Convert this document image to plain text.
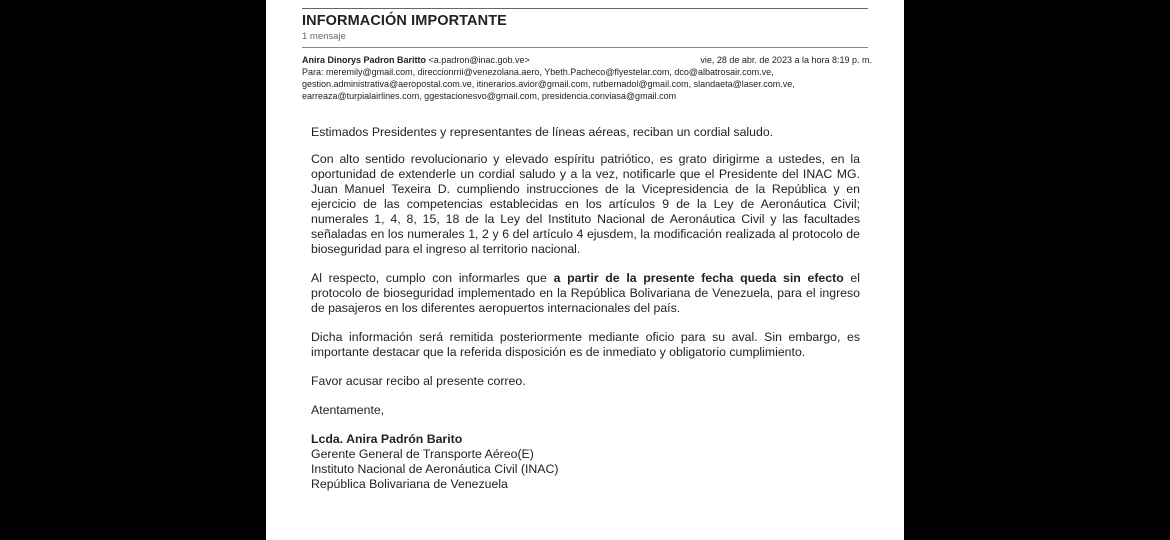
INFORMACIÓN IMPORTANTE
1 mensaje
Anira Dinorys Padron Baritto <a.padron@inac.gob.ve>	vie, 28 de abr. de 2023 a la hora 8:19 p. m.
Para: meremily@gmail.com, direccionrrii@venezolana.aero, Ybeth.Pacheco@flyestelar.com, dco@albatrosair.com.ve,
gestion.administrativa@aeropostal.com.ve, itinerarios.avior@gmail.com, rutbernadol@gmail.com, slandaeta@laser.com.ve,
earreaza@turpialairlines.com, ggestacionesvo@gmail.com, presidencia.conviasa@gmail.com

Estimados Presidentes y representantes de líneas aéreas, reciban un cordial saludo.

Con alto sentido revolucionario y elevado espíritu patriótico, es grato dirigirme a ustedes, en la oportunidad de extenderle un cordial saludo y a la vez, notificarle que el Presidente del INAC MG. Juan Manuel Texeira D. cumpliendo instrucciones de la Vicepresidencia de la República y en ejercicio de las competencias establecidas en los artículos 9 de la Ley de Aeronáutica Civil; numerales 1, 4, 8, 15, 18 de la Ley del Instituto Nacional de Aeronáutica Civil y las facultades señaladas en los numerales 1, 2 y 6 del artículo 4 ejusdem, la modificación realizada al protocolo de bioseguridad para el ingreso al territorio nacional.

Al respecto, cumplo con informarles que a partir de la presente fecha queda sin efecto el protocolo de bioseguridad implementado en la República Bolivariana de Venezuela, para el ingreso de pasajeros en los diferentes aeropuertos internacionales del país.

Dicha información será remitida posteriormente mediante oficio para su aval. Sin embargo, es importante destacar que la referida disposición es de inmediato y obligatorio cumplimiento.

Favor acusar recibo al presente correo.

Atentamente,

Lcda. Anira Padrón Barito
Gerente General de Transporte Aéreo(E)
Instituto Nacional de Aeronáutica Civil (INAC)
República Bolivariana de Venezuela
